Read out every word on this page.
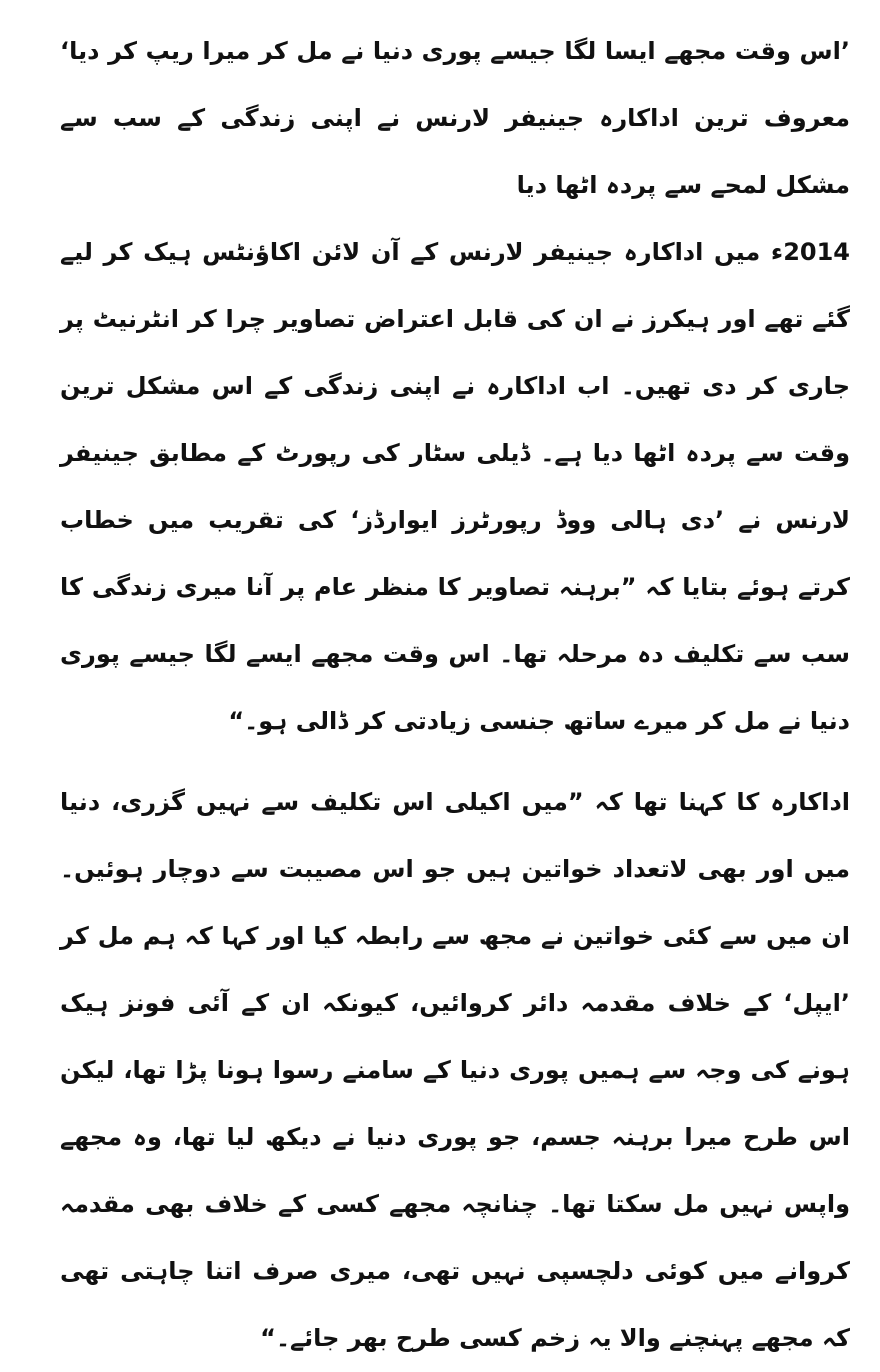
’اس وقت مجھے ایسا لگا جیسے پوری دنیا نے مل کر میرا ریپ کر دیا‘ معروف ترین اداکارہ جینیفر لارنس نے اپنی زندگی کے سب سے مشکل لمحے سے پردہ اٹھا دیا

2014ء میں اداکارہ جینیفر لارنس کے آن لائن اکاؤنٹس ہیک کر لیے گئے تھے اور ہیکرز نے ان کی قابل اعتراض تصاویر چرا کر انٹرنیٹ پر جاری کر دی تھیں۔ اب اداکارہ نے اپنی زندگی کے اس مشکل ترین وقت سے پردہ اٹھا دیا ہے۔ ڈیلی سٹار کی رپورٹ کے مطابق جینیفر لارنس نے ’دی ہالی ووڈ رپورٹرز ایوارڈز‘ کی تقریب میں خطاب کرتے ہوئے بتایا کہ ”برہنہ تصاویر کا منظر عام پر آنا میری زندگی کا سب سے تکلیف دہ مرحلہ تھا۔ اس وقت مجھے ایسے لگا جیسے پوری دنیا نے مل کر میرے ساتھ جنسی زیادتی کر ڈالی ہو۔“

اداکارہ کا کہنا تھا کہ ”میں اکیلی اس تکلیف سے نہیں گزری، دنیا میں اور بھی لاتعداد خواتین ہیں جو اس مصیبت سے دوچار ہوئیں۔ ان میں سے کئی خواتین نے مجھ سے رابطہ کیا اور کہا کہ ہم مل کر ’ایپل‘ کے خلاف مقدمہ دائر کروائیں، کیونکہ ان کے آئی فونز ہیک ہونے کی وجہ سے ہمیں پوری دنیا کے سامنے رسوا ہونا پڑا تھا، لیکن اس طرح میرا برہنہ جسم، جو پوری دنیا نے دیکھ لیا تھا، وہ مجھے واپس نہیں مل سکتا تھا۔ چنانچہ مجھے کسی کے خلاف بھی مقدمہ کروانے میں کوئی دلچسپی نہیں تھی، میری صرف اتنا چاہتی تھی کہ مجھے پہنچنے والا یہ زخم کسی طرح بھر جائے۔“
